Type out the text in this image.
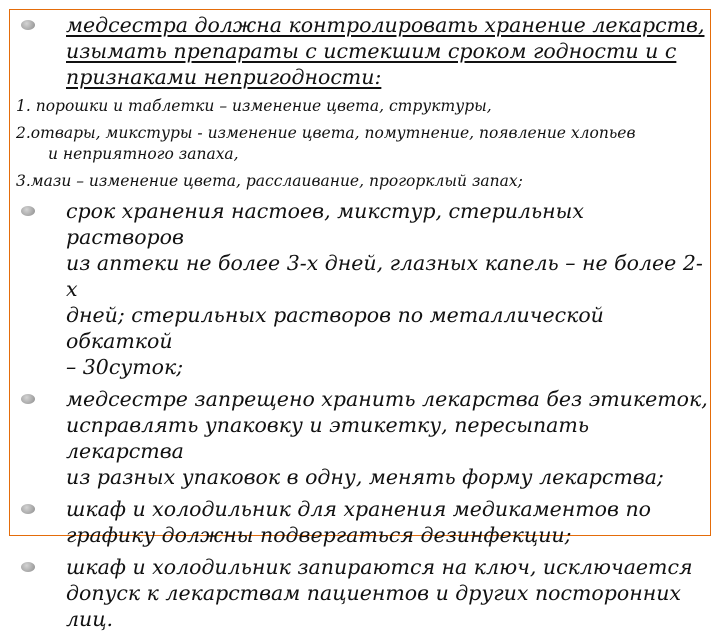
медсестра должна контролировать хранение лекарств,
изымать препараты с истекшим сроком годности и с
признаками непригодности:
1. порошки и таблетки – изменение цвета, структуры,
2.отвары, микстуры - изменение цвета, помутнение, появление хлопьев
и неприятного запаха,
3.мази – изменение цвета, расслаивание, прогорклый запах;
срок хранения настоев, микстур, стерильных растворов
из аптеки не более 3-х дней, глазных капель – не более 2-х
дней; стерильных растворов по металлической обкаткой
– 30суток;
медсестре запрещено хранить лекарства без этикеток,
исправлять упаковку и этикетку, пересыпать лекарства
из разных упаковок в одну, менять форму лекарства;
шкаф и холодильник для хранения медикаментов по
графику должны подвергаться дезинфекции;
шкаф и холодильник запираются на ключ, исключается
допуск к лекарствам пациентов и других посторонних
лиц.
